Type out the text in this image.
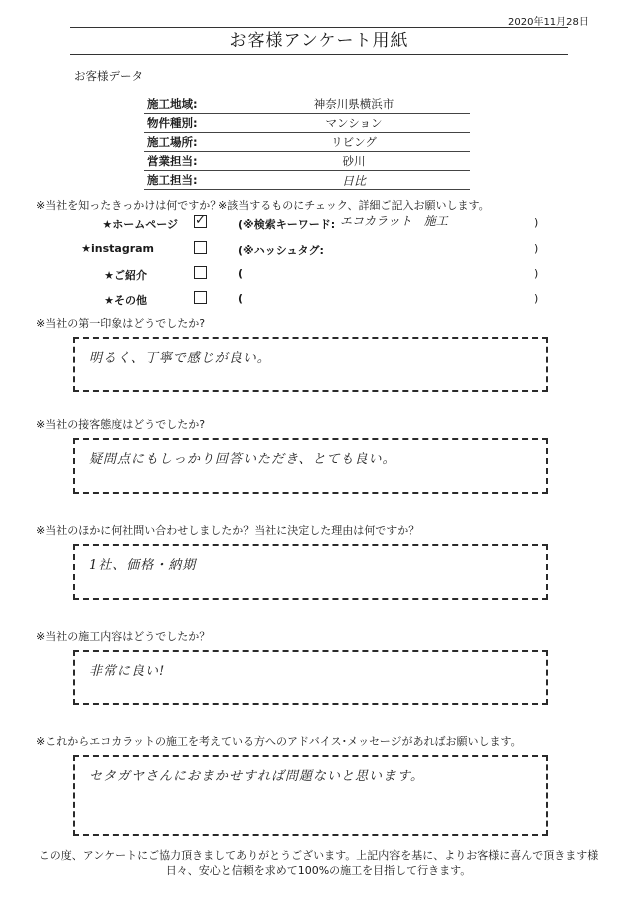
2020年11月28日
お客様アンケート用紙
お客様データ
施工地域:	神奈川県横浜市
物件種別:	マンション
施工場所:	リビング
営業担当:	砂川
施工担当:	日比
※当社を知ったきっかけは何ですか？
※該当するものにチェック、詳細ご記入お願いします。
★ホームページ ✓	(※検索キーワード: エコカラット　施工	)
★instagram	(※ハッシュタグ:	)
★ご紹介	(	)
★その他	(	)
※当社の第一印象はどうでしたか?
明るく、丁寧で感じが良い。
※当社の接客態度はどうでしたか?
疑問点にもしっかり回答いただき、とても良い。
※当社のほかに何社問い合わせしましたか？当社に決定した理由は何ですか？
1社、価格・納期
※当社の施工内容はどうでしたか？
非常に良い!
※これからエコカラットの施工を考えている方へのアドバイス･メッセージがあればお願いします。
セタガヤさんにおまかせすれば問題ないと思います。
この度、アンケートにご協力頂きましてありがとうございます。上記内容を基に、よりお客様に喜んで頂きます様
日々、安心と信頼を求めて100%の施工を目指して行きます。
